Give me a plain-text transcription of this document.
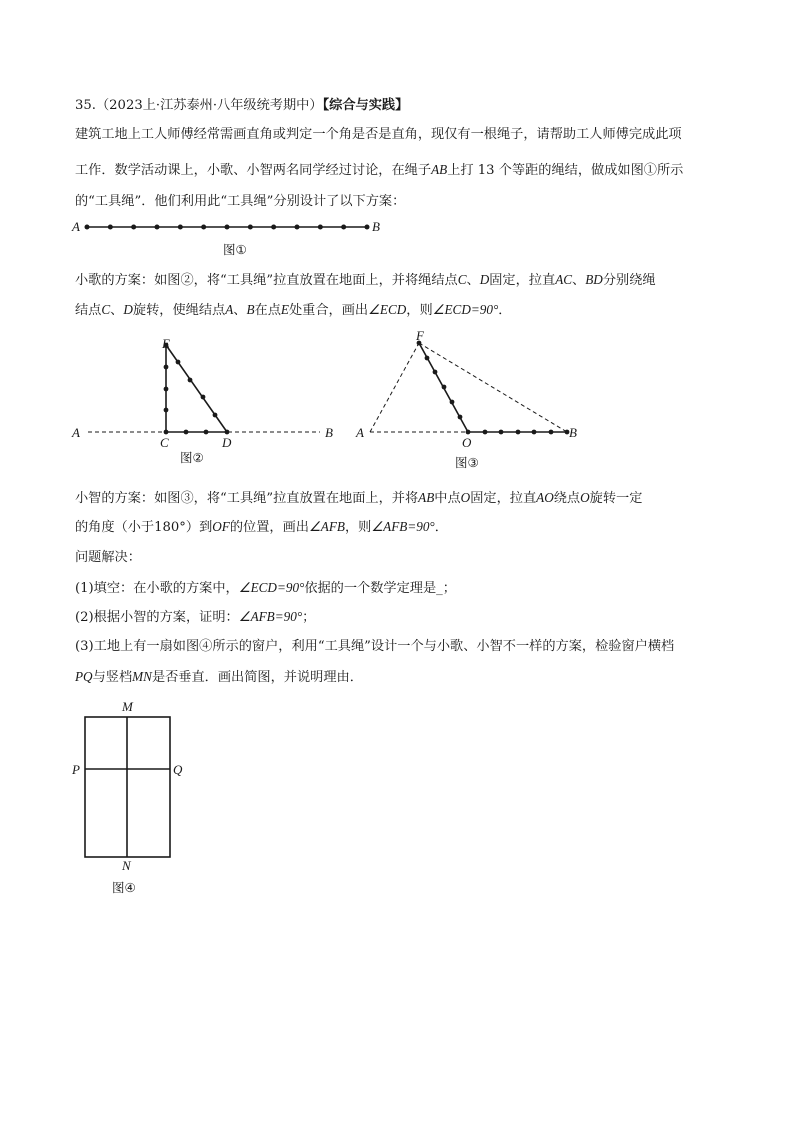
35.（2023上·江苏泰州·八年级统考期中）【综合与实践】
建筑工地上工人师傅经常需画直角或判定一个角是否是直角，现仅有一根绳子，请帮助工人师傅完成此项
工作．数学活动课上，小歌、小智两名同学经过讨论，在绳子AB上打 13 个等距的绳结，做成如图①所示
的“工具绳”．他们利用此“工具绳”分别设计了以下方案：
小歌的方案：如图②，将“工具绳”拉直放置在地面上，并将绳结点C、D固定，拉直AC、BD分别绕绳
结点C、D旋转，使绳结点A、B在点E处重合，画出∠ECD，则∠ECD=90°．
小智的方案：如图③，将“工具绳”拉直放置在地面上，并将AB中点O固定，拉直AO绕点O旋转一定
的角度（小于180°）到OF的位置，画出∠AFB，则∠AFB=90°．
问题解决：
(1)填空：在小歌的方案中，∠ECD=90°依据的一个数学定理是_；
(2)根据小智的方案，证明：∠AFB=90°；
(3)工地上有一扇如图④所示的窗户，利用“工具绳”设计一个与小歌、小智不一样的方案，检验窗户横档
PQ与竖档MN是否垂直．画出简图，并说明理由．
A	B
图①
A	B
C	D
E
图②
A	B
O
F
图③
M
N
P	Q
图④
